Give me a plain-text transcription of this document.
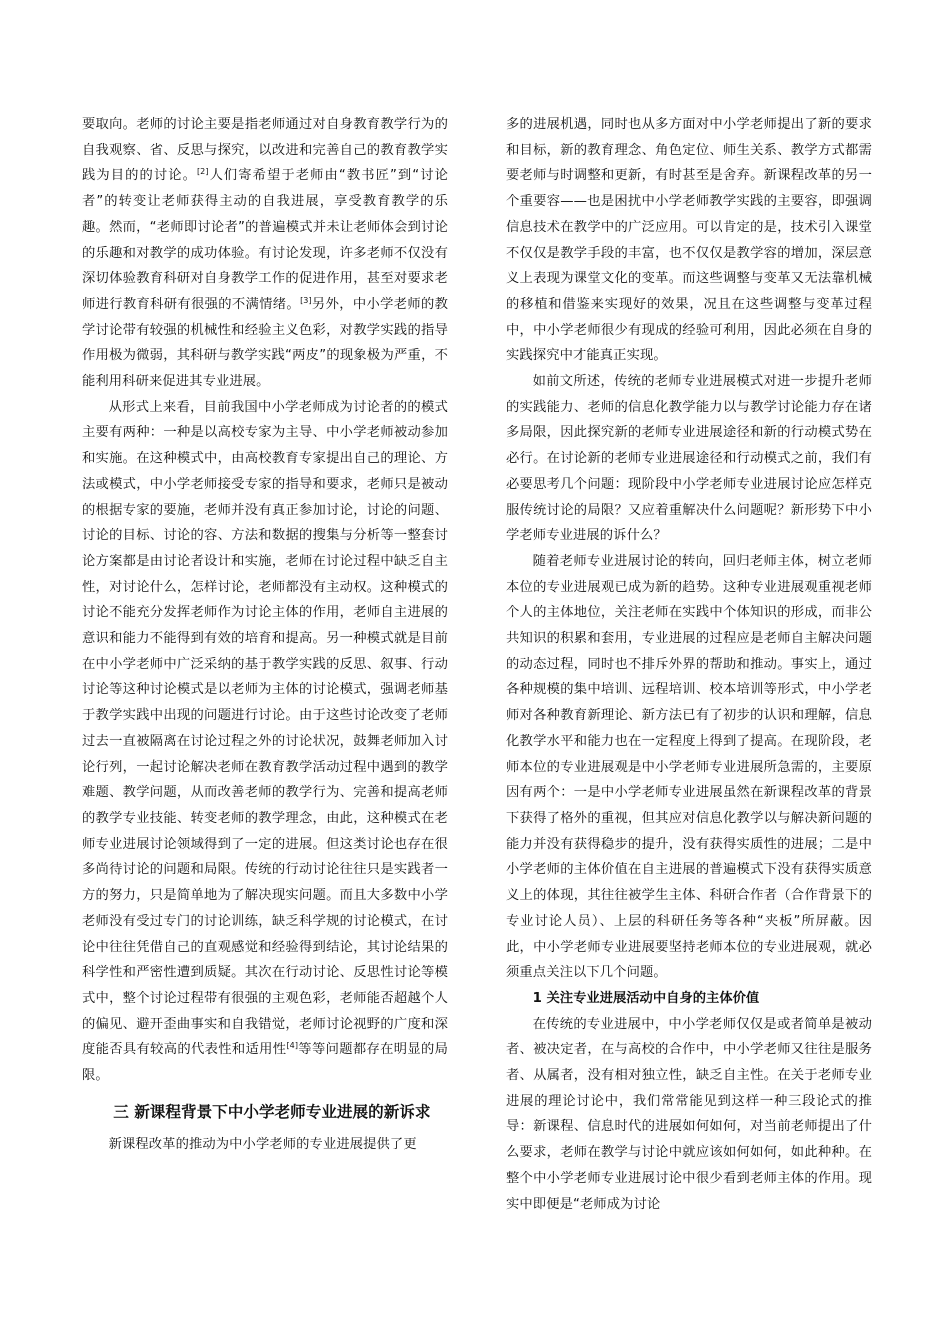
要取向。老师的讨论主要是指老师通过对自身教育教学行为的自我观察、省、反思与探究，以改进和完善自己的教育教学实践为目的的讨论。[2]人们寄希望于老师由“教书匠”到“讨论者”的转变让老师获得主动的自我进展，享受教育教学的乐趣。然而，“老师即讨论者”的普遍模式并未让老师体会到讨论的乐趣和对教学的成功体验。有讨论发现，许多老师不仅没有深切体验教育科研对自身教学工作的促进作用，甚至对要求老师进行教育科研有很强的不满情绪。[3]另外，中小学老师的教学讨论带有较强的机械性和经验主义色彩，对教学实践的指导作用极为微弱，其科研与教学实践“两皮”的现象极为严重，不能利用科研来促进其专业进展。

从形式上来看，目前我国中小学老师成为讨论者的的模式主要有两种：一种是以高校专家为主导、中小学老师被动参加和实施。在这种模式中，由高校教育专家提出自己的理论、方法或模式，中小学老师接受专家的指导和要求，老师只是被动的根据专家的要施，老师并没有真正参加讨论，讨论的问题、讨论的目标、讨论的容、方法和数据的搜集与分析等一整套讨论方案都是由讨论者设计和实施，老师在讨论过程中缺乏自主性，对讨论什么，怎样讨论，老师都没有主动权。这种模式的讨论不能充分发挥老师作为讨论主体的作用，老师自主进展的意识和能力不能得到有效的培育和提高。另一种模式就是目前在中小学老师中广泛采纳的基于教学实践的反思、叙事、行动讨论等这种讨论模式是以老师为主体的讨论模式，强调老师基于教学实践中出现的问题进行讨论。由于这些讨论改变了老师过去一直被隔离在讨论过程之外的讨论状况，鼓舞老师加入讨论行列，一起讨论解决老师在教育教学活动过程中遇到的教学难题、教学问题，从而改善老师的教学行为、完善和提高老师的教学专业技能、转变老师的教学理念，由此，这种模式在老师专业进展讨论领域得到了一定的进展。但这类讨论也存在很多尚待讨论的问题和局限。传统的行动讨论往往只是实践者一方的努力，只是简单地为了解决现实问题。而且大多数中小学老师没有受过专门的讨论训练，缺乏科学规的讨论模式，在讨论中往往凭借自己的直观感觉和经验得到结论，其讨论结果的科学性和严密性遭到质疑。其次在行动讨论、反思性讨论等模式中，整个讨论过程带有很强的主观色彩，老师能否超越个人的偏见、避开歪曲事实和自我错觉，老师讨论视野的广度和深度能否具有较高的代表性和适用性[4]等等问题都存在明显的局限。

三 新课程背景下中小学老师专业进展的新诉求

新课程改革的推动为中小学老师的专业进展提供了更

多的进展机遇，同时也从多方面对中小学老师提出了新的要求和目标，新的教育理念、角色定位、师生关系、教学方式都需要老师与时调整和更新，有时甚至是舍弃。新课程改革的另一个重要容——也是困扰中小学老师教学实践的主要容，即强调信息技术在教学中的广泛应用。可以肯定的是，技术引入课堂不仅仅是教学手段的丰富，也不仅仅是教学容的增加，深层意义上表现为课堂文化的变革。而这些调整与变革又无法靠机械的移植和借鉴来实现好的效果，况且在这些调整与变革过程中，中小学老师很少有现成的经验可利用，因此必须在自身的实践探究中才能真正实现。

如前文所述，传统的老师专业进展模式对进一步提升老师的实践能力、老师的信息化教学能力以与教学讨论能力存在诸多局限，因此探究新的老师专业进展途径和新的行动模式势在必行。在讨论新的老师专业进展途径和行动模式之前，我们有必要思考几个问题：现阶段中小学老师专业进展讨论应怎样克服传统讨论的局限？又应着重解决什么问题呢？新形势下中小学老师专业进展的诉什么？

随着老师专业进展讨论的转向，回归老师主体，树立老师本位的专业进展观已成为新的趋势。这种专业进展观重视老师个人的主体地位，关注老师在实践中个体知识的形成，而非公共知识的积累和套用，专业进展的过程应是老师自主解决问题的动态过程，同时也不排斥外界的帮助和推动。事实上，通过各种规模的集中培训、远程培训、校本培训等形式，中小学老师对各种教育新理论、新方法已有了初步的认识和理解，信息化教学水平和能力也在一定程度上得到了提高。在现阶段，老师本位的专业进展观是中小学老师专业进展所急需的，主要原因有两个：一是中小学老师专业进展虽然在新课程改革的背景下获得了格外的重视，但其应对信息化教学以与解决新问题的能力并没有获得稳步的提升，没有获得实质性的进展；二是中小学老师的主体价值在自主进展的普遍模式下没有获得实质意义上的体现，其往往被学生主体、科研合作者（合作背景下的专业讨论人员）、上层的科研任务等各种“夹板”所屏蔽。因此，中小学老师专业进展要坚持老师本位的专业进展观，就必须重点关注以下几个问题。

1 关注专业进展活动中自身的主体价值

在传统的专业进展中，中小学老师仅仅是或者简单是被动者、被决定者，在与高校的合作中，中小学老师又往往是服务者、从属者，没有相对独立性，缺乏自主性。在关于老师专业进展的理论讨论中，我们常常能见到这样一种三段论式的推导：新课程、信息时代的进展如何如何，对当前老师提出了什么要求，老师在教学与讨论中就应该如何如何，如此种种。在整个中小学老师专业进展讨论中很少看到老师主体的作用。现实中即便是“老师成为讨论
